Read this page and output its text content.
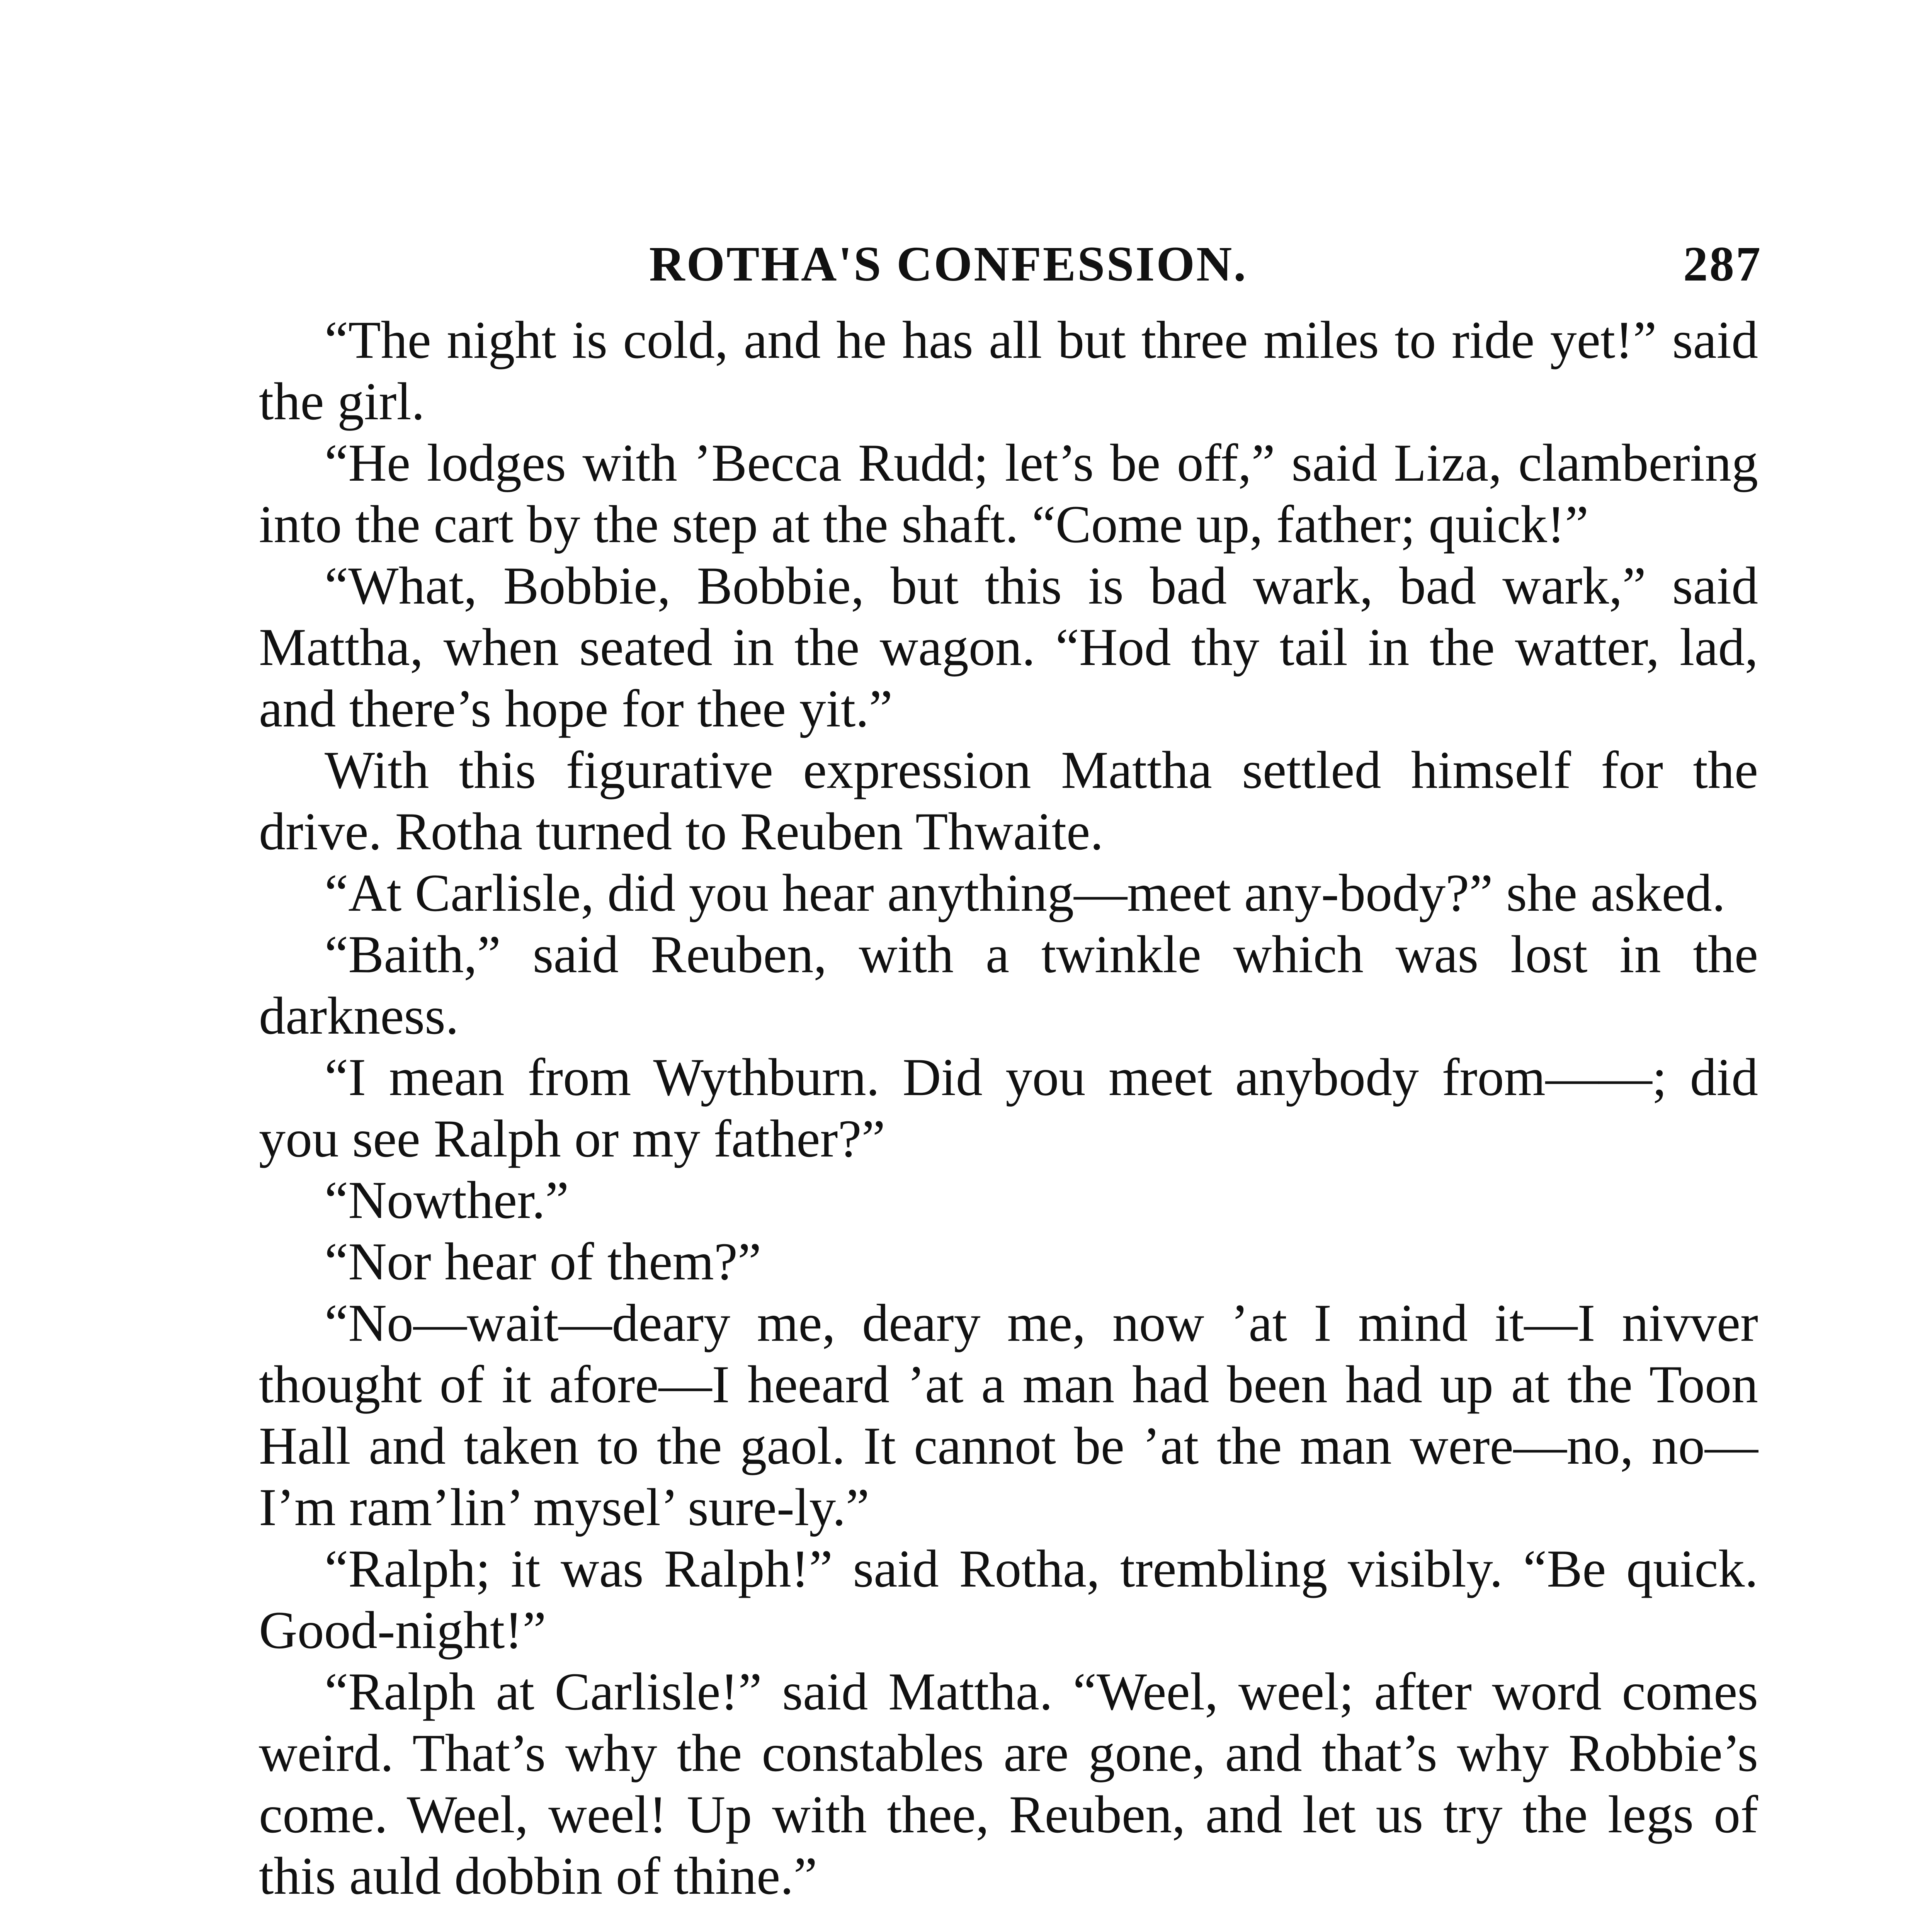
ROTHA'S CONFESSION.	287

“The night is cold, and he has all but three miles to ride yet!” said the girl.

“He lodges with ’Becca Rudd; let’s be off,” said Liza, clambering into the cart by the step at the shaft. “Come up, father; quick!”

“What, Bobbie, Bobbie, but this is bad wark, bad wark,” said Mattha, when seated in the wagon. “Hod thy tail in the watter, lad, and there’s hope for thee yit.”

With this figurative expression Mattha settled himself for the drive. Rotha turned to Reuben Thwaite.

“At Carlisle, did you hear anything—meet any-body?” she asked.

“Baith,” said Reuben, with a twinkle which was lost in the darkness.

“I mean from Wythburn. Did you meet anybody from——; did you see Ralph or my father?”

“Nowther.”

“Nor hear of them?”

“No—wait—deary me, deary me, now ’at I mind it—I nivver thought of it afore—I heeard ’at a man had been had up at the Toon Hall and taken to the gaol. It cannot be ’at the man were—no, no—I’m ram’lin’ mysel’ sure-ly.”

“Ralph; it was Ralph!” said Rotha, trembling visibly. “Be quick. Good-night!”

“Ralph at Carlisle!” said Mattha. “Weel, weel; after word comes weird. That’s why the constables are gone, and that’s why Robbie’s come. Weel, weel! Up with thee, Reuben, and let us try the legs of this auld dobbin of thine.”
